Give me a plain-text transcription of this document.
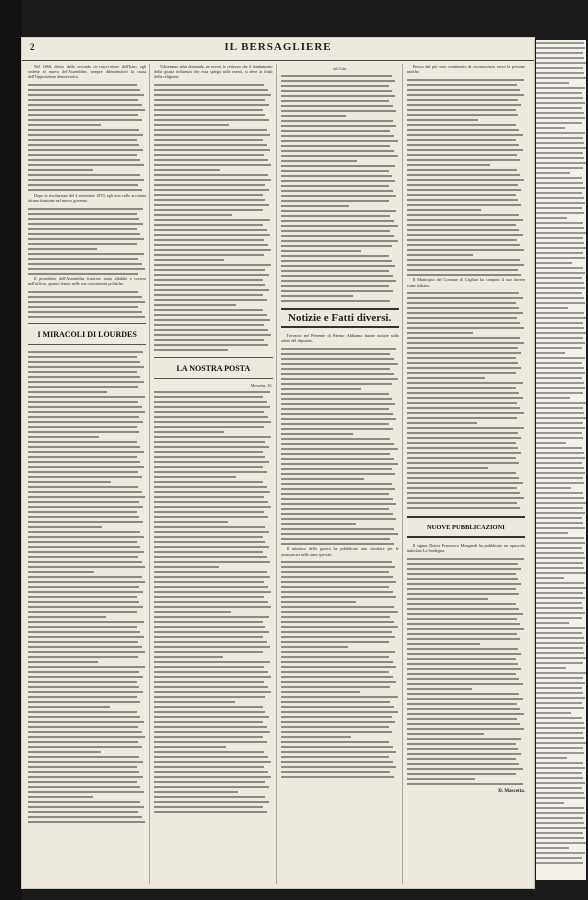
2	IL BERSAGLIERE

Nel 1868, dietro dalla seconda cir-coscri-zione dell'Istro, egli sedette al nuovo del'Assemblea, sempre difendendovi la causa dell'Opposizione democratica.

Dopo la rivoluzione del 4 settembre 1870, egli non volle accettare alcuna funzione nel nuovo governo.

Il presidente dell'Assemblea francese tanto affabile e cortese nell'ufficio, quanto fermo nelle sue convinzioni politiche.

I MIRACOLI DI LOURDES

Udiremmo altra domanda, ne avessi la certezza che il fondamento della giusta influenza che essa spiega sulle menti, si deve ai frutti della religione.

LA NOSTRA POSTA
Messina, 16.
ad Gita
Notizie e Fatti diversi.

Trovasse nel Presente di Parma: Abbiamo buone notizie sulla salute del deputato.

Il ministro della guerra ha pubblicato una circolare per le promozioni nelle armi speciali.

Presso dal più vero sentimento di riconoscenza verso le persone amiche.

Il Municipio del Comune di Cagliari ha compito il suo dovere come italiano.

NUOVE PUBBLICAZIONI

Il signor Dottor Francesco Mongardi ha pubblicato un opuscolo intitolato La Sardegna.

D. Mascetta.
